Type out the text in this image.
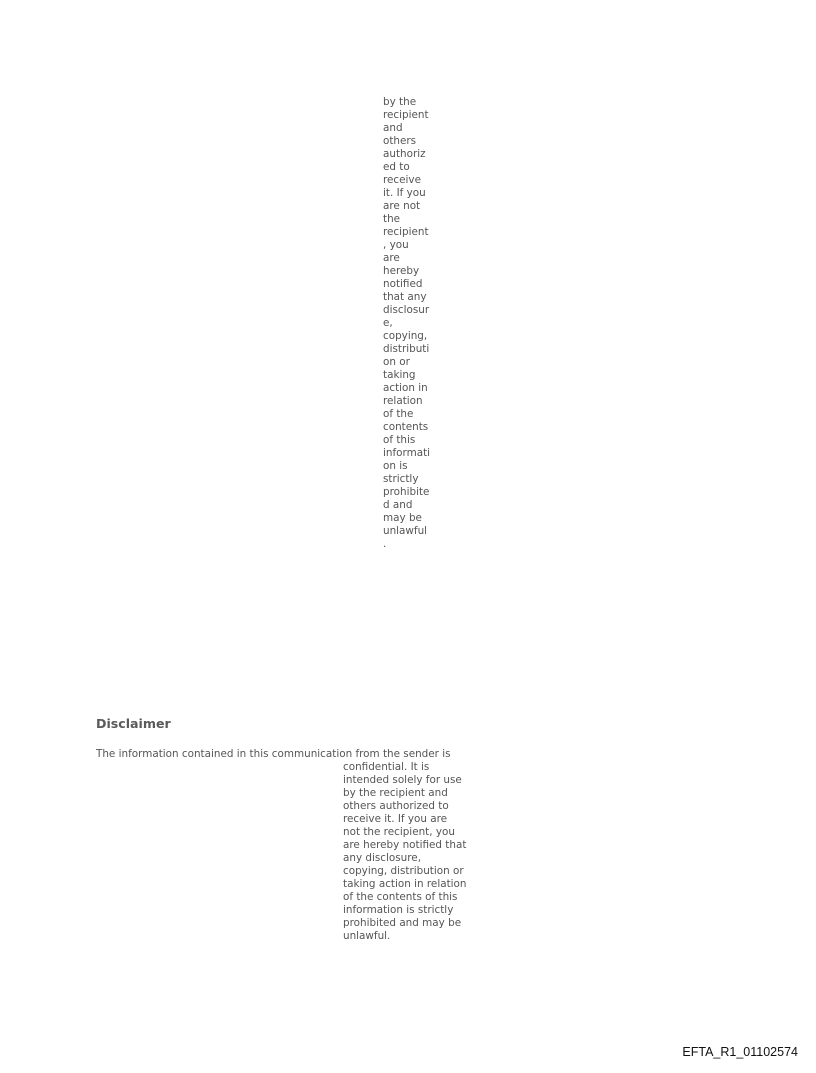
by the
recipient
and
others
authoriz
ed to
receive
it. If you
are not
the
recipient
, you
are
hereby
notified
that any
disclosur
e,
copying,
distributi
on or
taking
action in
relation
of the
contents
of this
informati
on is
strictly
prohibite
d and
may be
unlawful
.
Disclaimer
The information contained in this communication from the sender is
confidential. It is
intended solely for use
by the recipient and
others authorized to
receive it. If you are
not the recipient, you
are hereby notified that
any disclosure,
copying, distribution or
taking action in relation
of the contents of this
information is strictly
prohibited and may be
unlawful.
EFTA_R1_01102574
